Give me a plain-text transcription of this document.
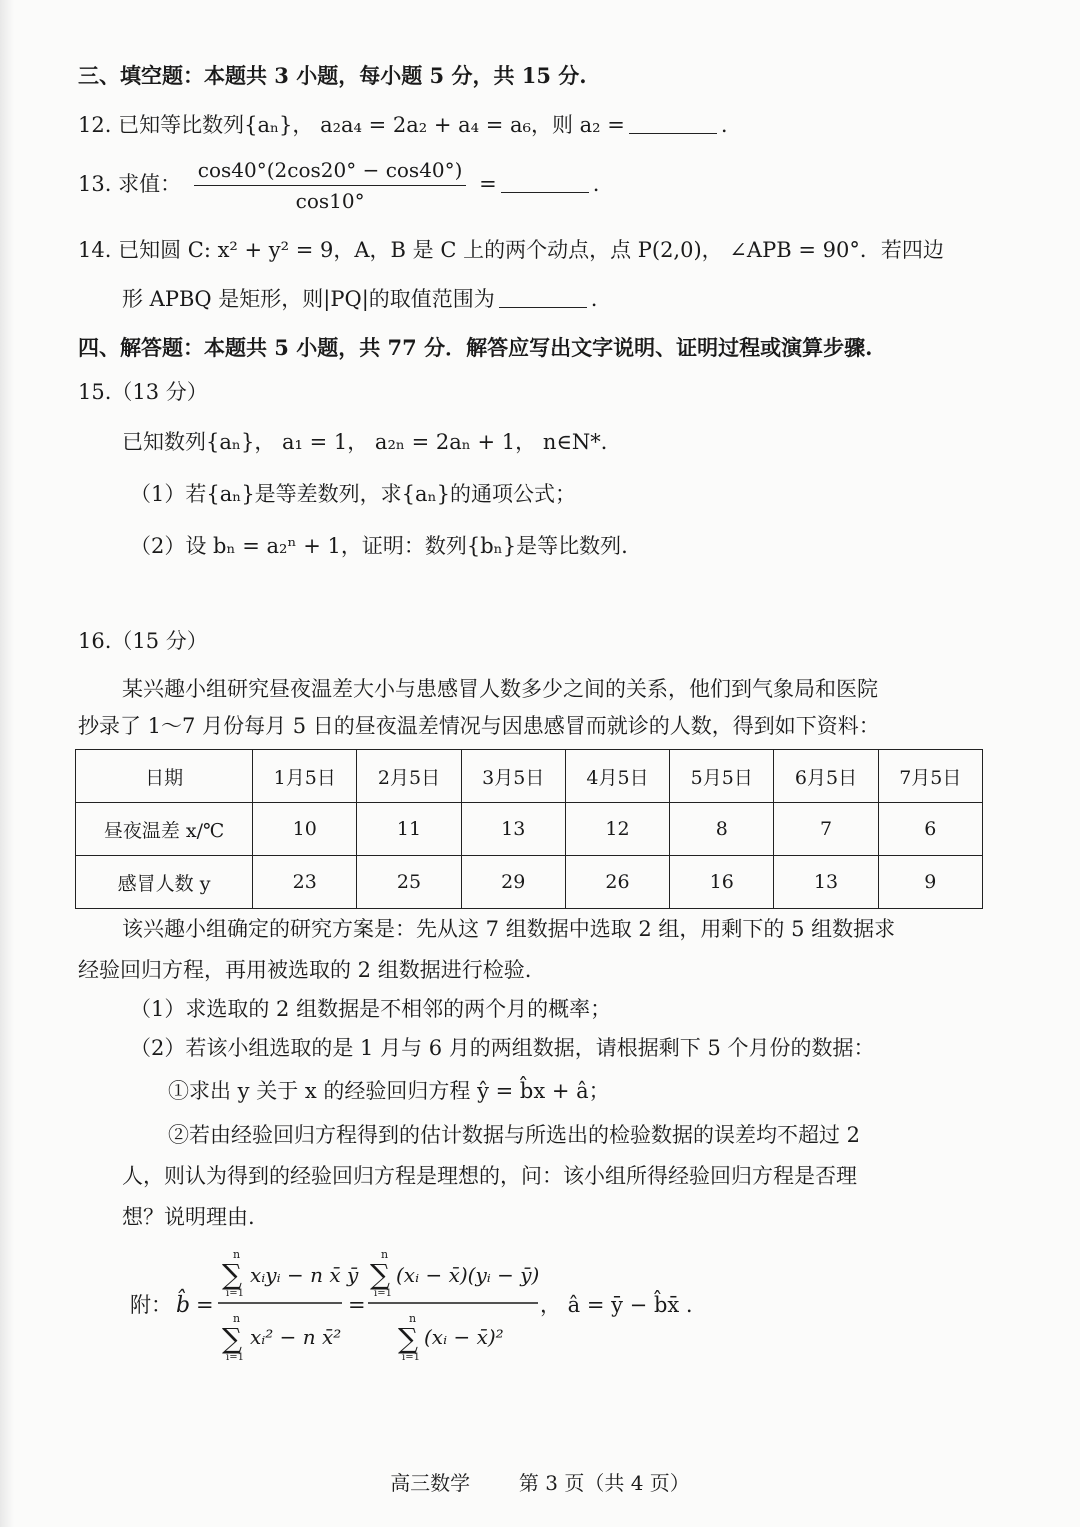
三、填空题：本题共 3 小题，每小题 5 分，共 15 分.
12. 已知等比数列{aₙ}， a₂a₄ = 2a₂ + a₄ = a₆，则 a₂ =	.
13. 求值： $\frac{\cos 40^\circ(2\cos 20^\circ - \cos 40^\circ)}{\cos 10^\circ}$ =	.
14. 已知圆 C: x² + y² = 9，A，B 是 C 上的两个动点，点 P(2,0)， ∠APB = 90°．若四边
形 APBQ 是矩形，则|PQ|的取值范围为	.
四、解答题：本题共 5 小题，共 77 分．解答应写出文字说明、证明过程或演算步骤.
15.（13 分）
已知数列{aₙ}， a₁ = 1， a₂ₙ = 2aₙ + 1， n∈N*．
（1）若{aₙ}是等差数列，求{aₙ}的通项公式；
（2）设 bₙ = a₂ⁿ + 1，证明：数列{bₙ}是等比数列.
16.（15 分）
某兴趣小组研究昼夜温差大小与患感冒人数多少之间的关系，他们到气象局和医院
抄录了 1～7 月份每月 5 日的昼夜温差情况与因患感冒而就诊的人数，得到如下资料：
日期	1月5日	2月5日	3月5日	4月5日	5月5日	6月5日	7月5日
昼夜温差 x/℃	10	11	13	12	8	7	6
感冒人数 y	23	25	29	26	16	13	9
该兴趣小组确定的研究方案是：先从这 7 组数据中选取 2 组，用剩下的 5 组数据求
经验回归方程，再用被选取的 2 组数据进行检验.
（1）求选取的 2 组数据是不相邻的两个月的概率；
（2）若该小组选取的是 1 月与 6 月的两组数据，请根据剩下 5 个月份的数据：
①求出 y 关于 x 的经验回归方程 ŷ = b̂x + â；
②若由经验回归方程得到的估计数据与所选出的检验数据的误差均不超过 2
人，则认为得到的经验回归方程是理想的，问：该小组所得经验回归方程是否理
想？说明理由.
附： b̂ =
n
∑
i=1
xᵢyᵢ − n x̄ ȳ
n
∑
i=1
xᵢ² − n x̄²
=
n
∑
i=1
(xᵢ − x̄)(yᵢ − ȳ)
n
∑
i=1
(xᵢ − x̄)²
， â = ȳ − b̂x̄ .
高三数学 第 3 页（共 4 页）
